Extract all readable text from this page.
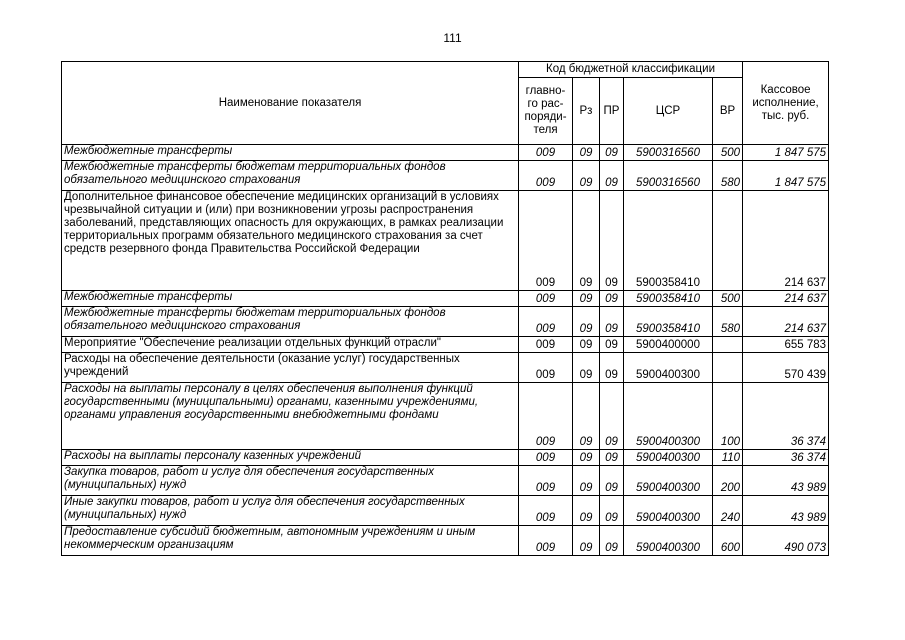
111
Наименование показателя	Код бюджетной классификации					Кассовое исполнение, тыс. руб.
	главно-го рас-поряди-теля	Рз	ПР	ЦСР	ВР	
Межбюджетные трансферты	009	09	09	5900316560	500	1 847 575
Межбюджетные трансферты бюджетам территориальных фондов обязательного медицинского страхования	009	09	09	5900316560	580	1 847 575
Дополнительное финансовое обеспечение медицинских организаций в условиях чрезвычайной ситуации и (или) при возникновении угрозы распространения заболеваний, представляющих опасность для окружающих, в рамках реализации территориальных программ обязательного медицинского страхования за счет средств резервного фонда Правительства Российской Федерации	009	09	09	5900358410		214 637
Межбюджетные трансферты	009	09	09	5900358410	500	214 637
Межбюджетные трансферты бюджетам территориальных фондов обязательного медицинского страхования	009	09	09	5900358410	580	214 637
Мероприятие "Обеспечение реализации отдельных функций отрасли"	009	09	09	5900400000		655 783
Расходы на обеспечение деятельности (оказание услуг) государственных учреждений	009	09	09	5900400300		570 439
Расходы на выплаты персоналу в целях обеспечения выполнения функций государственными (муниципальными) органами, казенными учреждениями, органами управления государственными внебюджетными фондами	009	09	09	5900400300	100	36 374
Расходы на выплаты персоналу казенных учреждений	009	09	09	5900400300	110	36 374
Закупка товаров, работ и услуг для обеспечения государственных (муниципальных) нужд	009	09	09	5900400300	200	43 989
Иные закупки товаров, работ и услуг для обеспечения государственных (муниципальных) нужд	009	09	09	5900400300	240	43 989
Предоставление субсидий бюджетным, автономным учреждениям и иным некоммерческим организациям	009	09	09	5900400300	600	490 073
